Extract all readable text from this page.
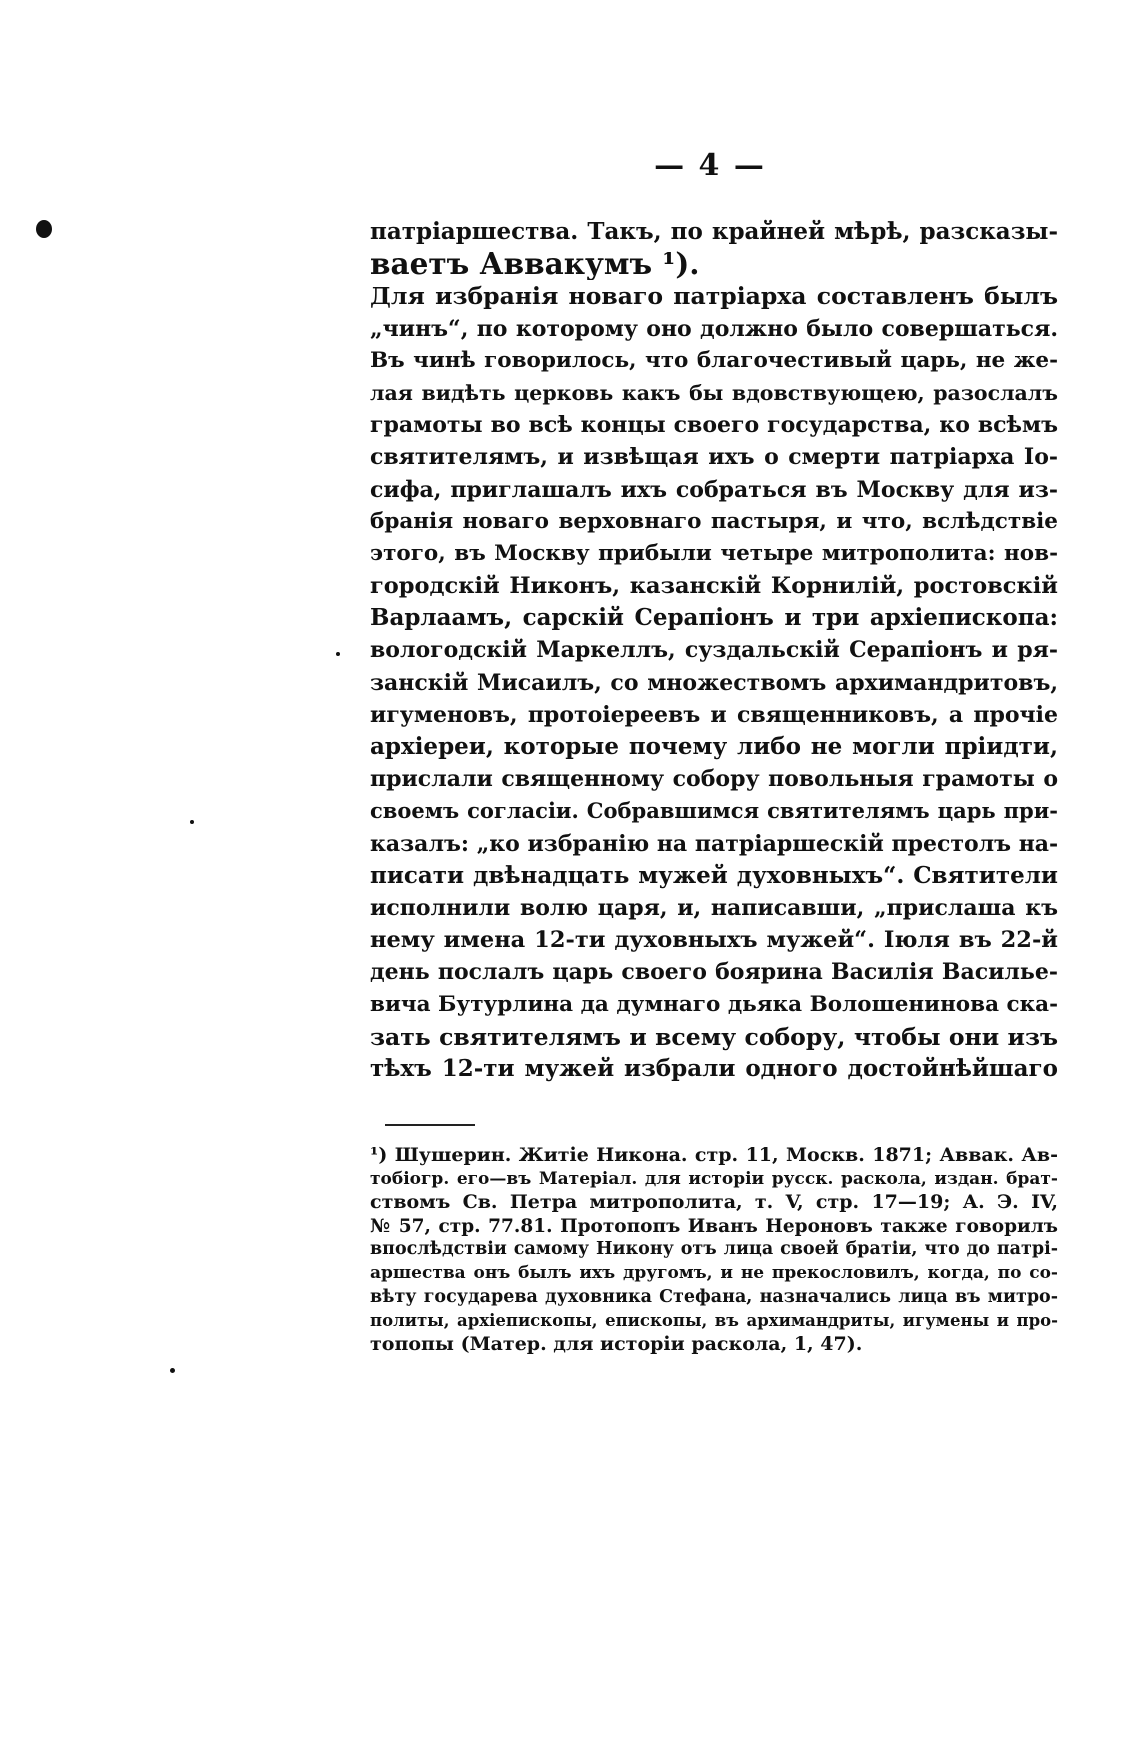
— 4 —
патріаршества. Такъ, по крайней мѣрѣ, разсказы-
ваетъ Аввакумъ ¹).
Для избранія новаго патріарха составленъ былъ
„чинъ“, по которому оно должно было совершаться.
Въ чинѣ говорилось, что благочестивый царь, не же-
лая видѣть церковь какъ бы вдовствующею, разослалъ
грамоты во всѣ концы своего государства, ко всѣмъ
святителямъ, и извѣщая ихъ о смерти патріарха Іо-
сифа, приглашалъ ихъ собраться въ Москву для из-
бранія новаго верховнаго пастыря, и что, вслѣдствіе
этого, въ Москву прибыли четыре митрополита: нов-
городскій Никонъ, казанскій Корнилій, ростовскій
Варлаамъ, сарскій Серапіонъ и три архіепископа:
вологодскій Маркеллъ, суздальскій Серапіонъ и ря-
занскій Мисаилъ, со множествомъ архимандритовъ,
игуменовъ, протоіереевъ и священниковъ, а прочіе
архіереи, которые почему либо не могли пріидти,
прислали священному собору повольныя грамоты о
своемъ согласіи. Собравшимся святителямъ царь при-
казалъ: „ко избранію на патріаршескій престолъ на-
писати двѣнадцать мужей духовныхъ“. Святители
исполнили волю царя, и, написавши, „прислаша къ
нему имена 12-ти духовныхъ мужей“. Іюля въ 22-й
день послалъ царь своего боярина Василія Васильe-
вича Бутурлина да думнаго дьяка Волошенинова ска-
зать святителямъ и всему собору, чтобы они изъ
тѣхъ 12-ти мужей избрали одного достойнѣйшаго
¹) Шушерин. Житіе Никона. стр. 11, Москв. 1871; Аввак. Ав-
тобіогр. его—въ Матеріал. для исторіи русск. раскола, издан. брат-
ствомъ Св. Петра митрополита, т. V, стр. 17—19; А. Э. IV,
№ 57, стр. 77.81. Протопопъ Иванъ Нероновъ также говорилъ
впослѣдствіи самому Никону отъ лица своей братіи, что до патрі-
аршества онъ былъ ихъ другомъ, и не прекословилъ, когда, по со-
вѣту государева духовника Стефана, назначались лица въ митро-
политы, архіепископы, епископы, въ архимандриты, игумены и про-
топопы (Матер. для исторіи раскола, 1, 47).
